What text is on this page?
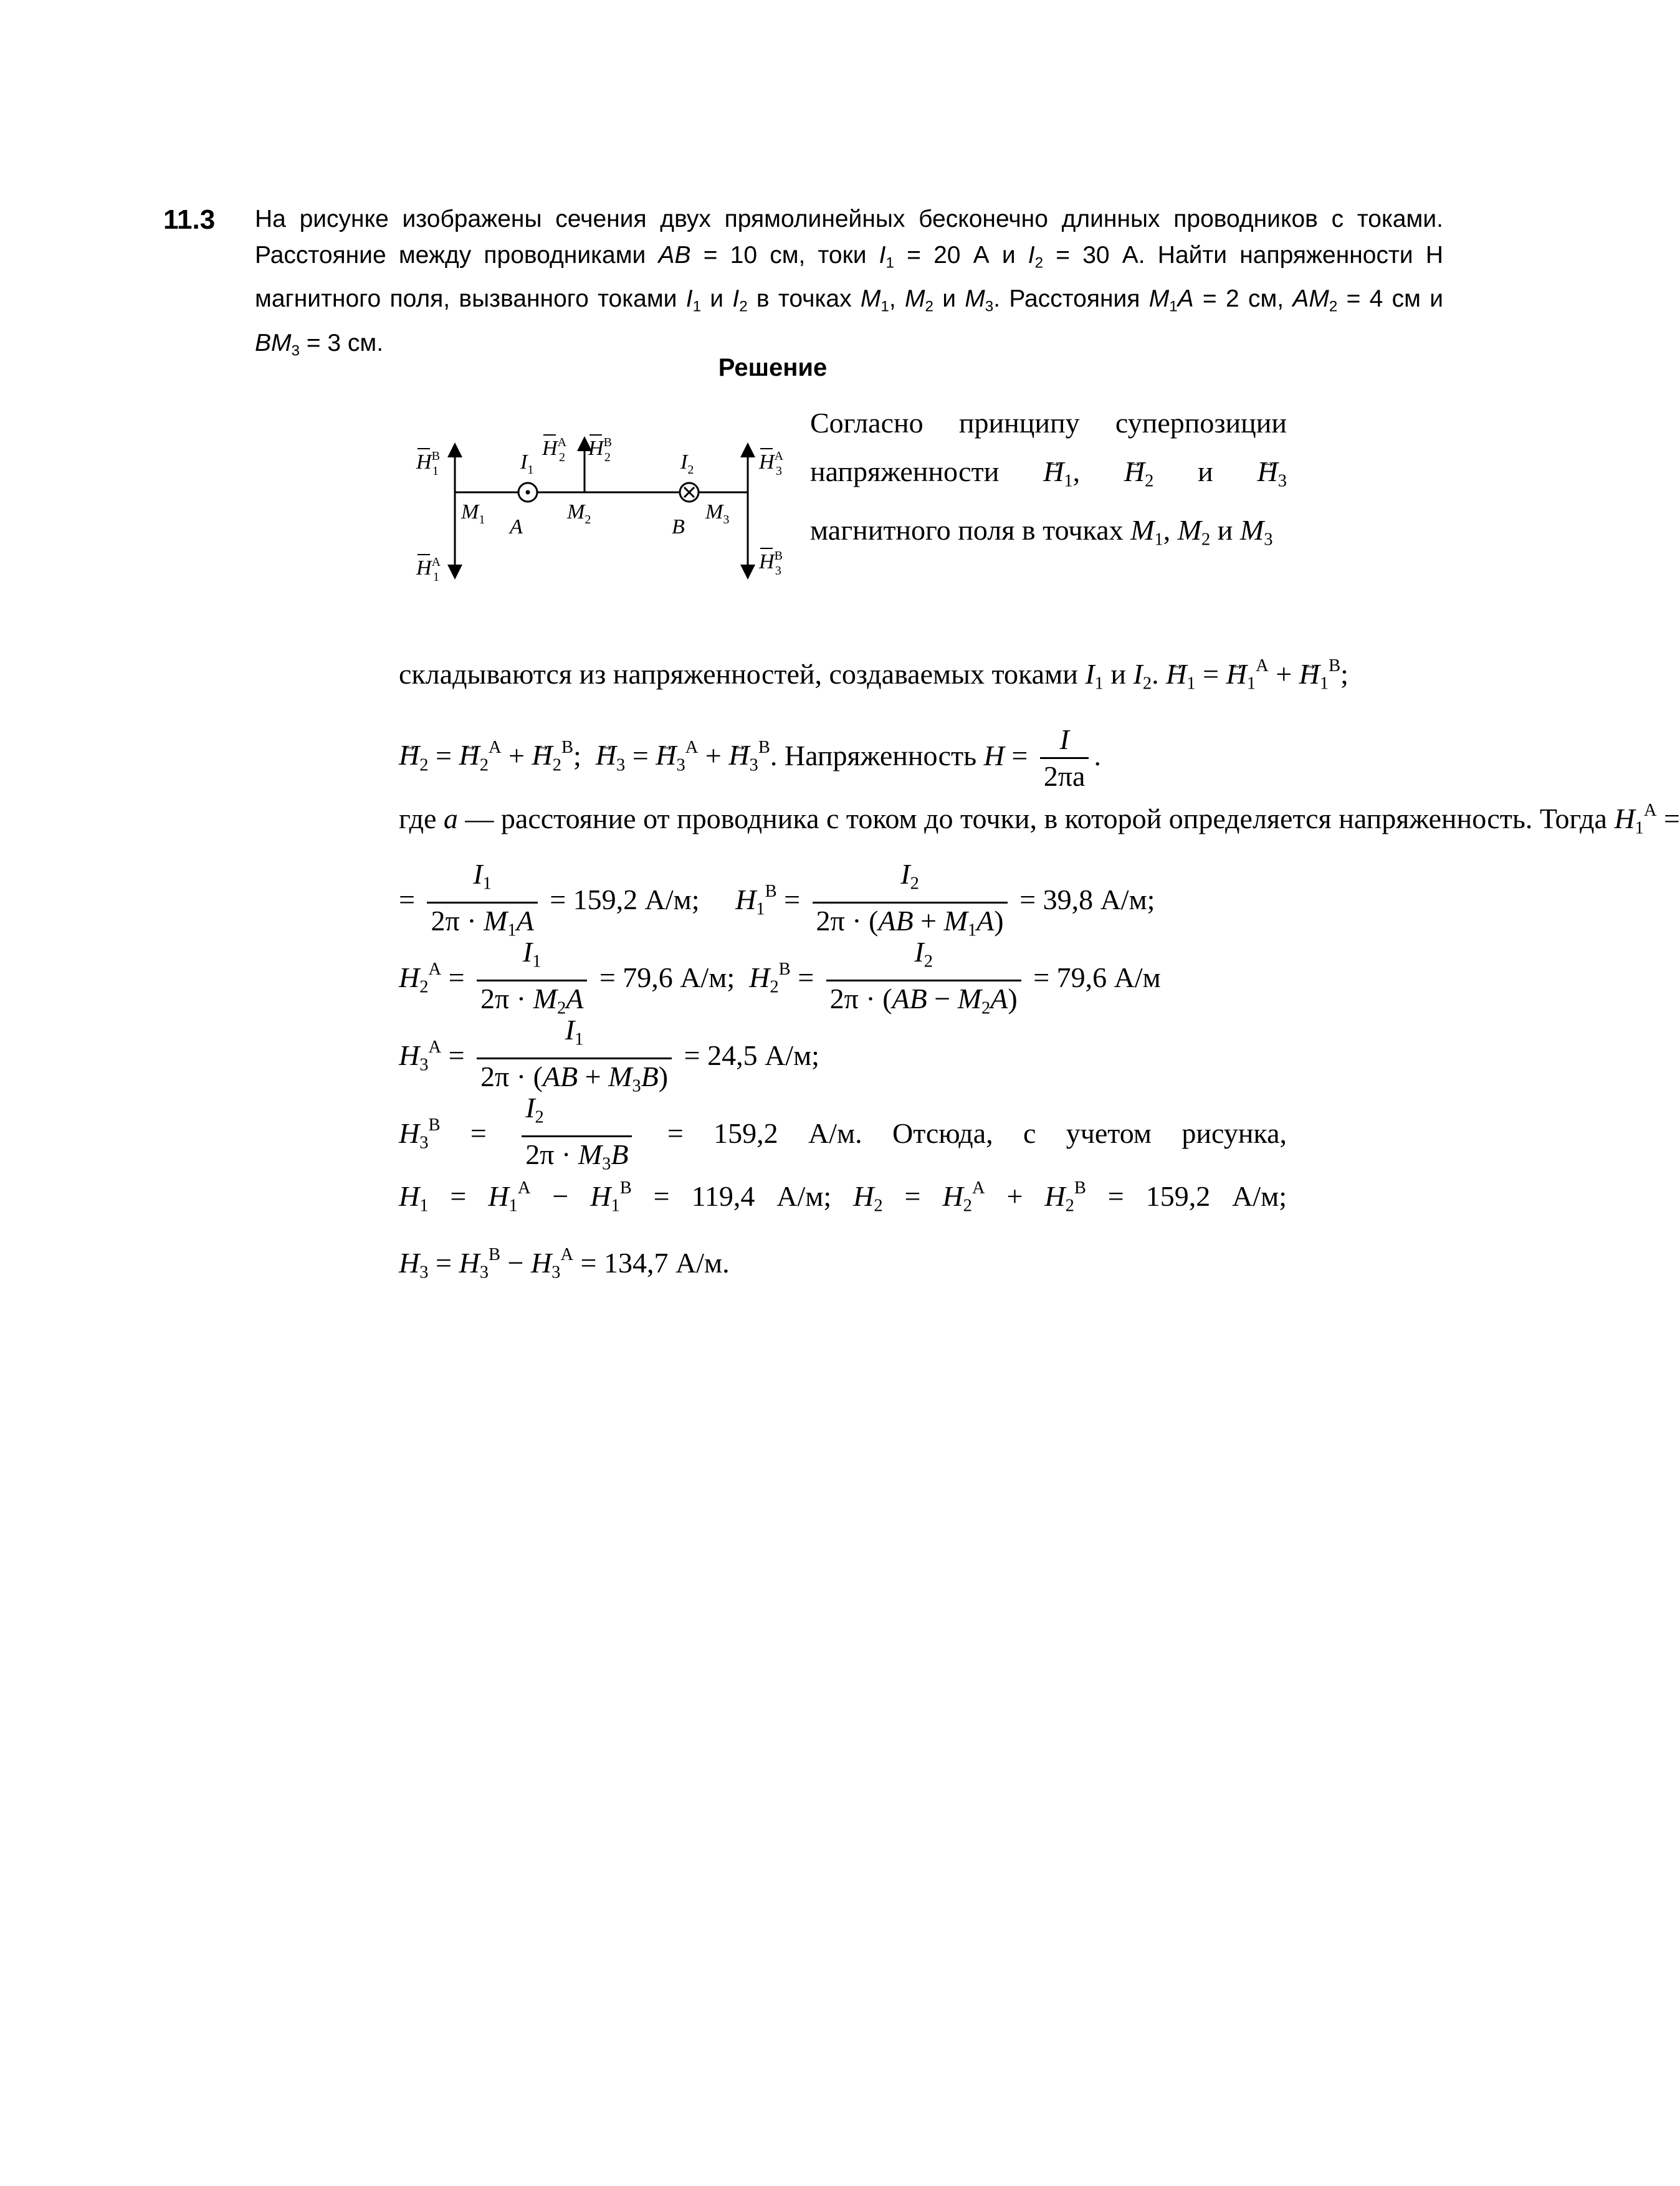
11.3 На рисунке изображены сечения двух прямолинейных бесконечно длинных проводников с токами. Расстояние между проводниками AB = 10 см, токи $I_1 = 20$ А и $I_2 = 30$ А. Найти напряженности Н магнитного поля, вызванного токами $I_1$ и $I_2$ в точках $M_1$, $M_2$ и $M_3$. Расстояния $M_1A = 2$ см, $AM_2 = 4$ см и $BM_3 = 3$ см.
Решение
$H^B$ 1
$H^A$ 1
$I_1$
$H^A$ 2 $H^B$ 2	$I_2$	$H^A$ 3
$H^B$ 3
$M_1$ A
$M_2$	B
$M_3$
Согласно принципу суперпозиции напряженности → $H_1$, → $H_2$ $и \to H_3$ магнитного поля в точках $M_1$, $M_2$ и $M_3$
складываются из напряженностей, создаваемых токами $I_1$ и $I_2$. → $H_1$ = → $H_1^A$ + → $H_1^B$;
→ $H_2$ = → $H_2^A$ + → $H_2^B$;  → $H_3$ = → $H_3^A$ + → $H_3^B$. Напряженность $H = \frac{I}{2\pi a}$ .
где a — расстояние от проводника с током до точки, в которой определяется напряженность. Тогда $H_1^A$ =
= $\frac{I_1}{2\pi \cdot M_1A} = 159,2$ А/м; $H_1^B = \frac{I_2}{2\pi \cdot (AB + M_1A)} = 39,8$ А/м;
$H_2^A = \frac{I_1}{2\pi \cdot M_2A} = 79,6$ А/м; $H_2^B = \frac{I_2}{2\pi \cdot (AB - M_2A)} = 79,6$ А/м
$H_3^A = \frac{I_1}{2\pi \cdot (AB + M_3B)} = 24,5$ А/м;
$H_3^B = \frac{I_2}{2\pi \cdot M_3B} = 159,2$ А/м. Отсюда, с учетом рисунка,
$H_1 = H_1^A - H_1^B = 119,4$ А/м; $H_2 = H_2^A + H_2^B = 159,2$ А/м;
$H_3 = H_3^B - H_3^A = 134,7$ А/м.
